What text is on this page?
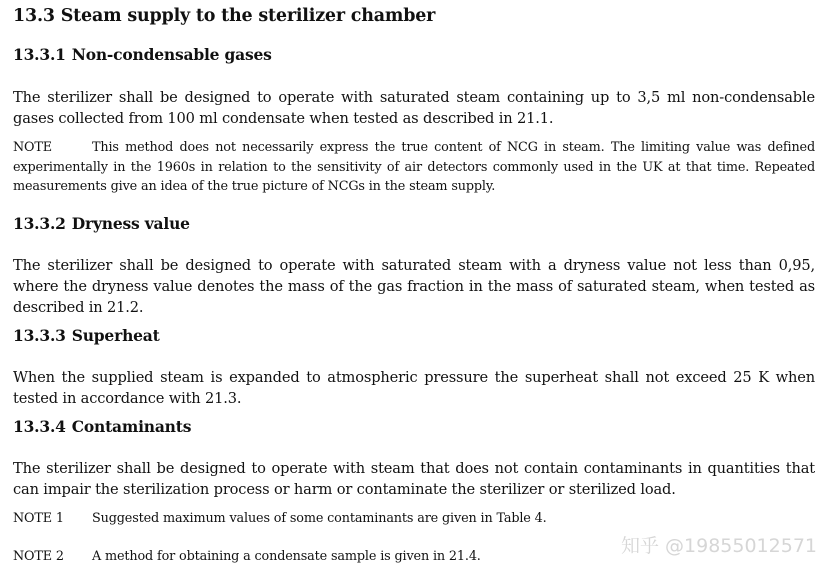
13.3 Steam supply to the sterilizer chamber
13.3.1 Non-condensable gases
The sterilizer shall be designed to operate with saturated steam containing up to 3,5 ml non-condensable gases collected from 100 ml condensate when tested as described in 21.1.
NOTE	This method does not necessarily express the true content of NCG in steam. The limiting value was defined experimentally in the 1960s in relation to the sensitivity of air detectors commonly used in the UK at that time. Repeated measurements give an idea of the true picture of NCGs in the steam supply.
13.3.2 Dryness value
The sterilizer shall be designed to operate with saturated steam with a dryness value not less than 0,95, where the dryness value denotes the mass of the gas fraction in the mass of saturated steam, when tested as described in 21.2.
13.3.3 Superheat
When the supplied steam is expanded to atmospheric pressure the superheat shall not exceed 25 K when tested in accordance with 21.3.
13.3.4 Contaminants
The sterilizer shall be designed to operate with steam that does not contain contaminants in quantities that can impair the sterilization process or harm or contaminate the sterilizer or sterilized load.
NOTE 1 Suggested maximum values of some contaminants are given in Table 4.
NOTE 2 A method for obtaining a condensate sample is given in 21.4.	知乎 @19855012571
